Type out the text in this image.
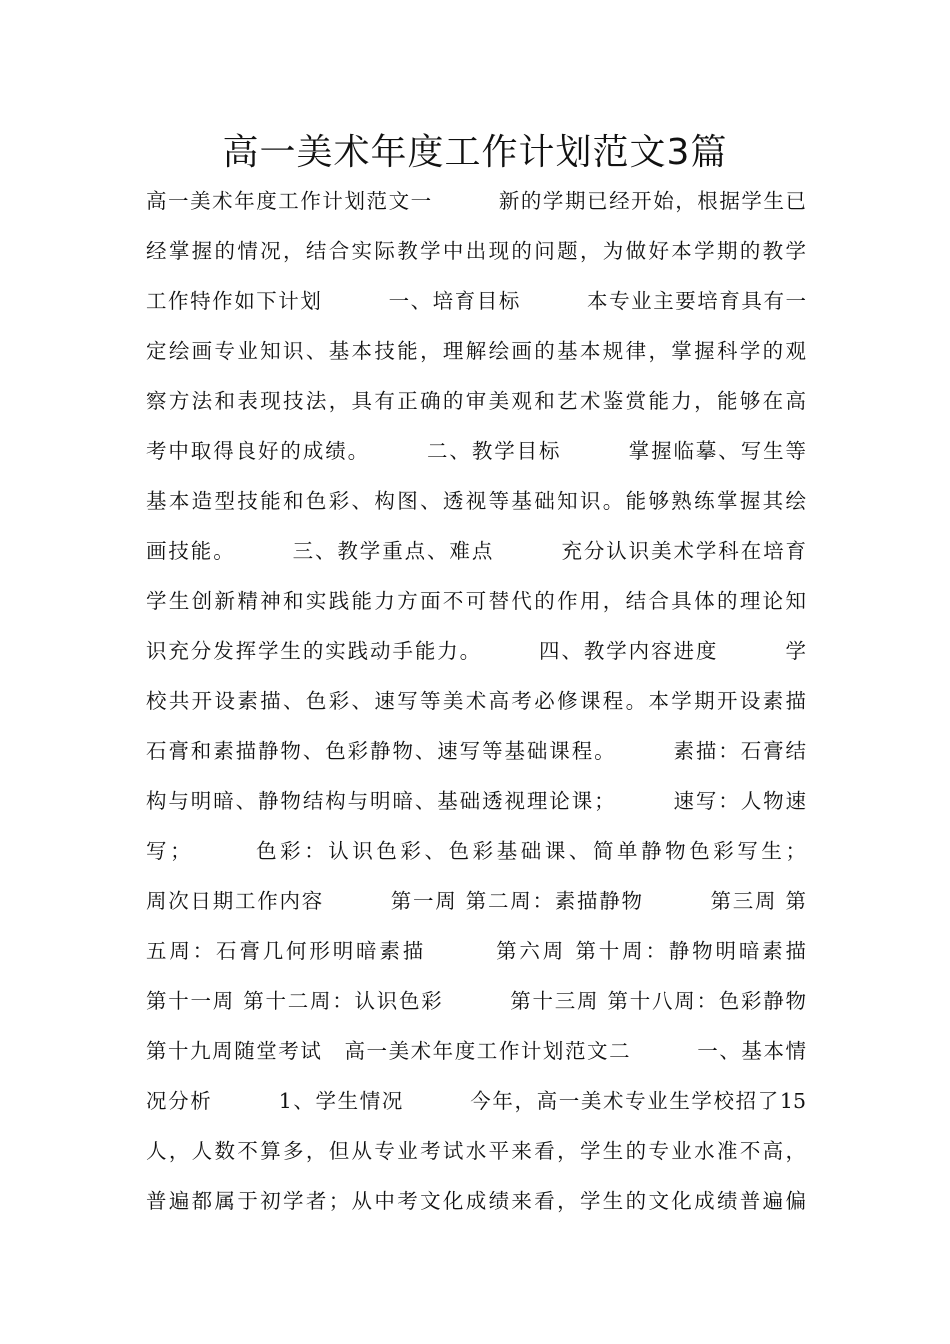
高一美术年度工作计划范文3篇
高一美术年度工作计划范文一　　　新的学期已经开始，根据学生已
经掌握的情况，结合实际教学中出现的问题，为做好本学期的教学
工作特作如下计划　　　一、培育目标　　　本专业主要培育具有一
定绘画专业知识、基本技能，理解绘画的基本规律，掌握科学的观
察方法和表现技法，具有正确的审美观和艺术鉴赏能力，能够在高
考中取得良好的成绩。　　　二、教学目标　　　掌握临摹、写生等
基本造型技能和色彩、构图、透视等基础知识。能够熟练掌握其绘
画技能。　　　三、教学重点、难点　　　充分认识美术学科在培育
学生创新精神和实践能力方面不可替代的作用，结合具体的理论知
识充分发挥学生的实践动手能力。　　　四、教学内容进度　　　学
校共开设素描、色彩、速写等美术高考必修课程。本学期开设素描
石膏和素描静物、色彩静物、速写等基础课程。　　　素描：石膏结
构与明暗、静物结构与明暗、基础透视理论课；　　　速写：人物速
写；　　　色彩：认识色彩、色彩基础课、简单静物色彩写生；
周次日期工作内容　　　第一周 第二周：素描静物　　　第三周 第
五周：石膏几何形明暗素描　　　第六周 第十周：静物明暗素描
第十一周 第十二周：认识色彩　　　第十三周 第十八周：色彩静物
第十九周随堂考试　高一美术年度工作计划范文二　　　一、基本情
况分析　　　1、学生情况　　　今年，高一美术专业生学校招了15
人，人数不算多，但从专业考试水平来看，学生的专业水准不高，
普遍都属于初学者；从中考文化成绩来看，学生的文化成绩普遍偏
